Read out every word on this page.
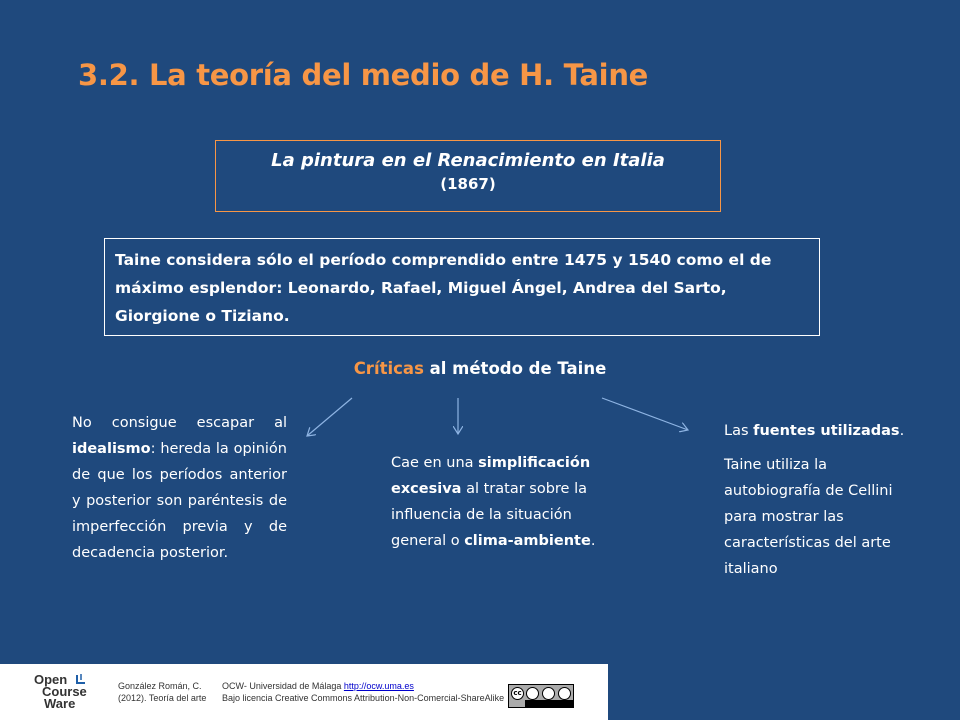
3.2. La teoría del medio de H. Taine
La pintura en el Renacimiento en Italia
(1867)
Taine considera sólo el período comprendido entre 1475 y 1540 como el de máximo esplendor: Leonardo, Rafael, Miguel Ángel, Andrea del Sarto, Giorgione o Tiziano.
Críticas al método de Taine
No consigue escapar al idealismo: hereda la opinión de que los períodos anterior y posterior son paréntesis de imperfección previa y de decadencia posterior.
Cae en una simplificación excesiva al tratar sobre la influencia de la situación general o clima-ambiente.

Las fuentes utilizadas.

Taine utiliza la autobiografía de Cellini para mostrar las características del arte italiano

Open
Course
Ware
González Román, C.
(2012). Teoría del arte
OCW- Universidad de Málaga http://ocw.uma.es
Bajo licencia Creative Commons Attribution-Non-Comercial-ShareAlike	cc
